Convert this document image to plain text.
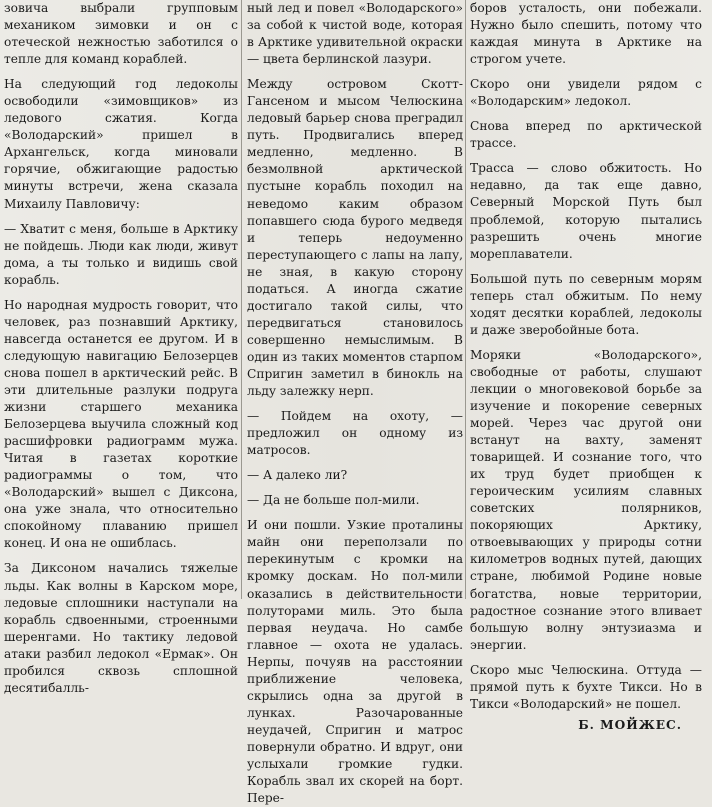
зовича выбрали групповым механиком зимовки и он с отеческой нежностью заботился о тепле для команд кораблей.

На следующий год ледоколы освободили «зимовщиков» из ледового сжатия. Когда «Володарский» пришел в Архангельск, когда миновали горячие, обжигающие радостью минуты встречи, жена сказала Михаилу Павловичу:

— Хватит с меня, больше в Арктику не пойдешь. Люди как люди, живут дома, а ты только и видишь свой корабль.

Но народная мудрость говорит, что человек, раз познавший Арктику, навсегда останется ее другом. И в следующую навигацию Белозерцев снова пошел в арктический рейс. В эти длительные разлуки подруга жизни старшего механика Белозерцева выучила сложный код расшифровки радиограмм мужа. Читая в газетах короткие радиограммы о том, что «Володарский» вышел с Диксона, она уже знала, что относительно спокойному плаванию пришел конец. И она не ошиблась.

За Диксоном начались тяжелые льды. Как волны в Карском море, ледовые сплошники наступали на корабль сдвоенными, строенными шеренгами. Но тактику ледовой атаки разбил ледокол «Ермак». Он пробился сквозь сплошной десятибалль-

ный лед и повел «Володарского» за собой к чистой воде, которая в Арктике удивительной окраски — цвета берлинской лазури.

Между островом Скотт-Гансеном и мысом Челюскина ледовый барьер снова преградил путь. Продвигались вперед медленно, медленно. В безмолвной арктической пустыне корабль походил на неведомо каким образом попавшего сюда бурого медведя и теперь недоуменно переступающего с лапы на лапу, не зная, в какую сторону податься. А иногда сжатие достигало такой силы, что передвигаться становилось совершенно немыслимым. В один из таких моментов старпом Спригин заметил в бинокль на льду залежку нерп.

— Пойдем на охоту, — предложил он одному из матросов.

— А далеко ли?

— Да не больше пол-мили.

И они пошли. Узкие проталины майн они переползали по перекинутым с кромки на кромку доскам. Но пол-мили оказались в действительности полуторами миль. Это была первая неудача. Но самбе главное — охота не удалась. Нерпы, почуяв на расстоянии приближение человека, скрылись одна за другой в лунках. Разочарованные неудачей, Спригин и матрос повернули обратно. И вдруг, они услыхали громкие гудки. Корабль звал их скорей на борт. Пере-

боров усталость, они побежали. Нужно было спешить, потому что каждая минута в Арктике на строгом учете.

Скоро они увидели рядом с «Володарским» ледокол.

Снова вперед по арктической трассе.

Трасса — слово обжитость. Но недавно, да так еще давно, Северный Морской Путь был проблемой, которую пытались разрешить очень многие мореплаватели.

Большой путь по северным морям теперь стал обжитым. По нему ходят десятки кораблей, ледоколы и даже зверобойные бота.

Моряки «Володарского», свободные от работы, слушают лекции о многовековой борьбе за изучение и покорение северных морей. Через час другой они встанут на вахту, заменят товарищей. И сознание того, что их труд будет приобщен к героическим усилиям славных советских полярников, покоряющих Арктику, отвоевывающих у природы сотни километров водных путей, дающих стране, любимой Родине новые богатства, новые территории, радостное сознание этого вливает большую волну энтузиазма и энергии.

Скоро мыс Челюскина. Оттуда — прямой путь к бухте Тикси. Но в Тикси «Володарский» не пошел.

Б. МОЙЖЕС.
